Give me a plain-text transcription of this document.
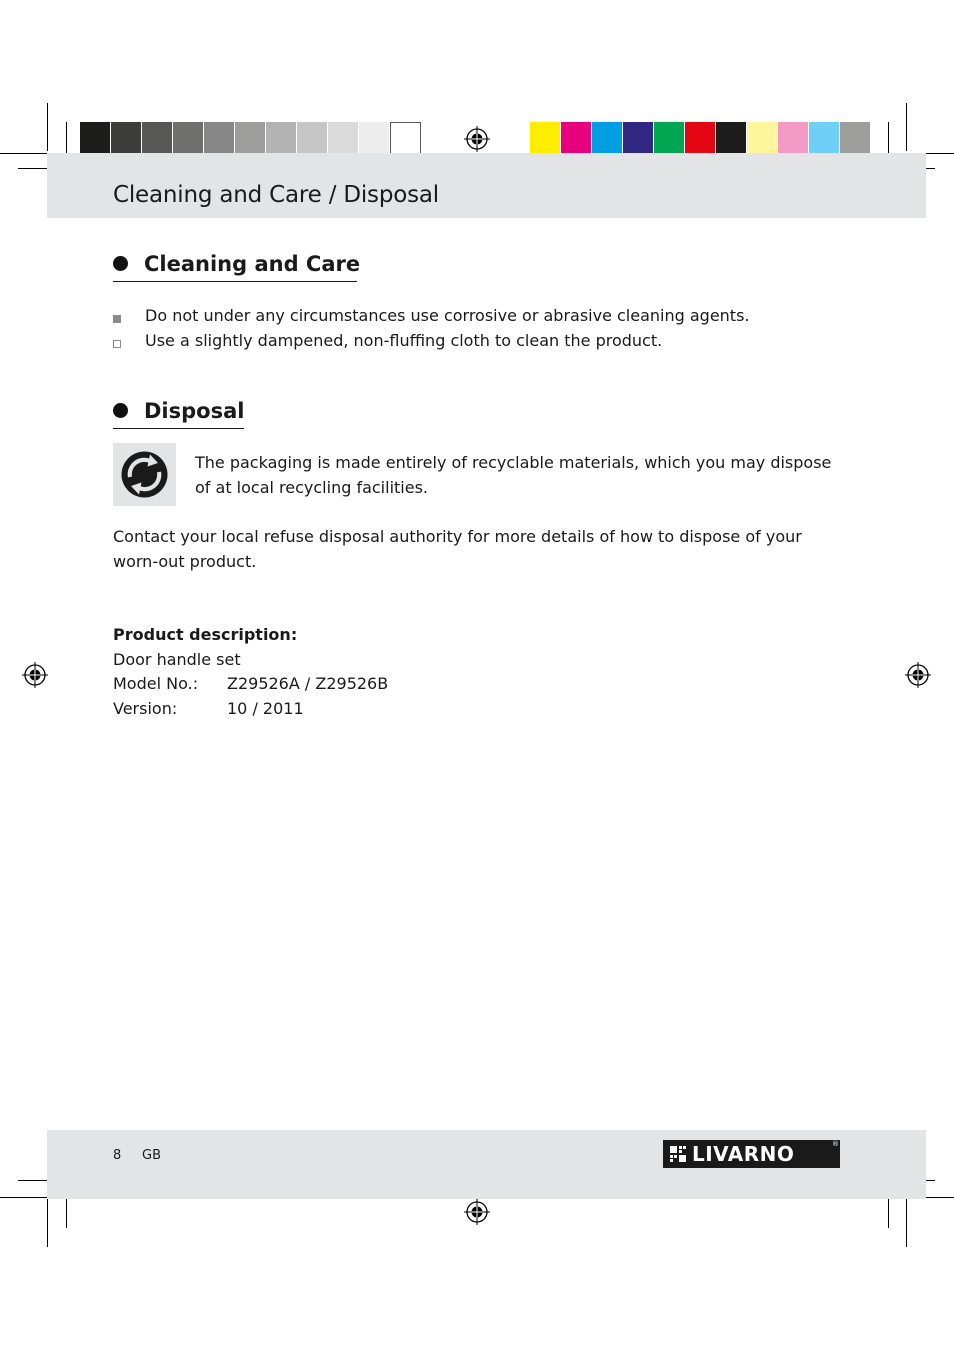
Cleaning and Care / Disposal
Cleaning and Care
Do not under any circumstances use corrosive or abrasive cleaning agents.
Use a slightly dampened, non-fluffing cloth to clean the product.
Disposal
The packaging is made entirely of recyclable materials, which you may dispose
of at local recycling facilities.
Contact your local refuse disposal authority for more details of how to dispose of your
worn-out product.
Product description:
Door handle set
Model No.: Z29526A / Z29526B
Version:	10 / 2011
8 GB	LIVARNO	®
